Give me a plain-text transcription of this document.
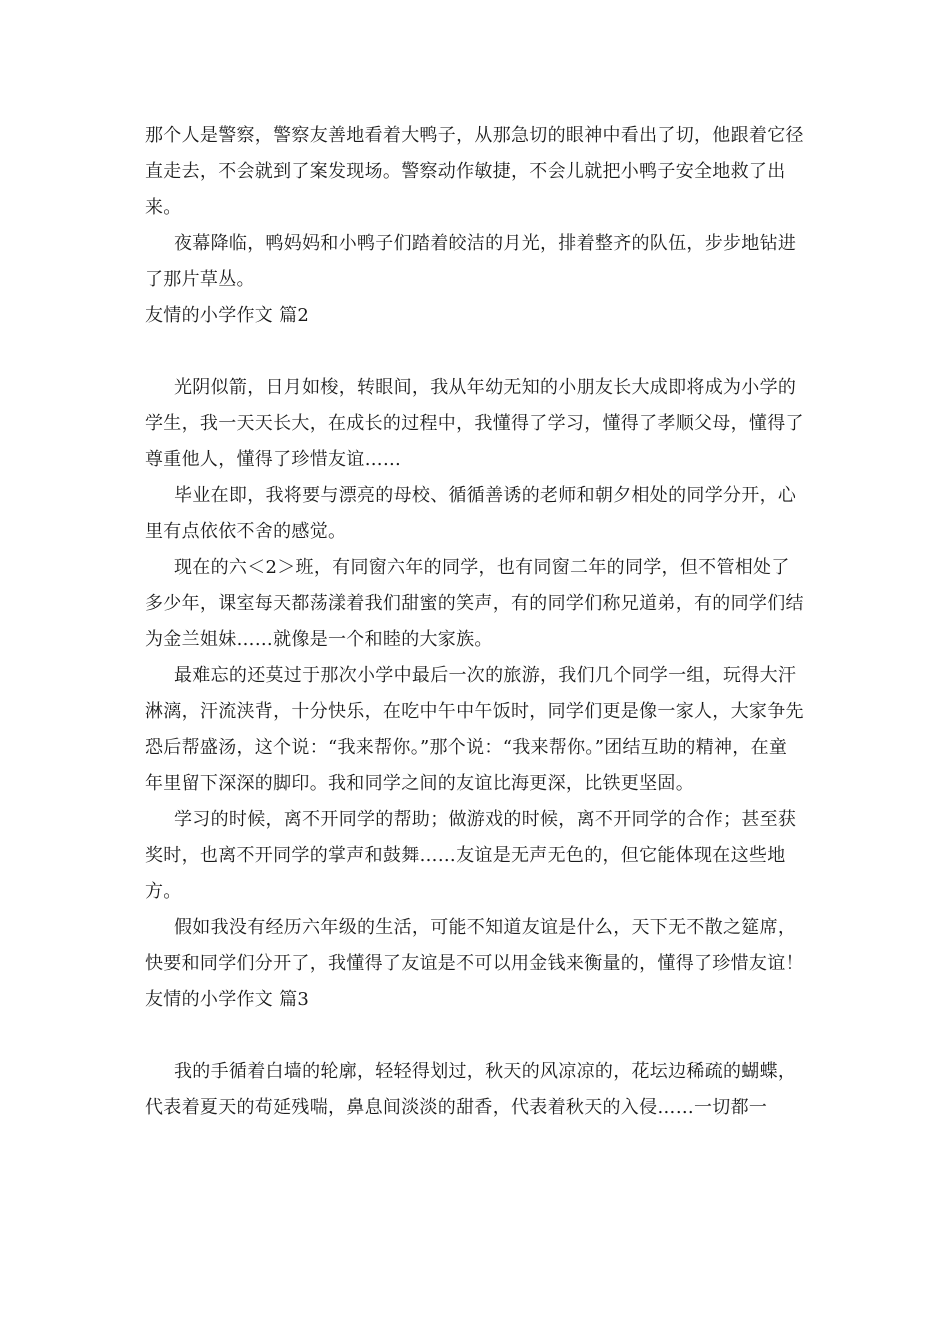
那个人是警察，警察友善地看着大鸭子，从那急切的眼神中看出了切，他跟着它径直走去，不会就到了案发现场。警察动作敏捷，不会儿就把小鸭子安全地救了出来。

夜幕降临，鸭妈妈和小鸭子们踏着皎洁的月光，排着整齐的队伍，步步地钻进了那片草丛。

友情的小学作文 篇2

光阴似箭，日月如梭，转眼间，我从年幼无知的小朋友长大成即将成为小学的学生，我一天天长大，在成长的过程中，我懂得了学习，懂得了孝顺父母，懂得了尊重他人，懂得了珍惜友谊……

毕业在即，我将要与漂亮的母校、循循善诱的老师和朝夕相处的同学分开，心里有点依依不舍的感觉。

现在的六＜2＞班，有同窗六年的同学，也有同窗二年的同学，但不管相处了多少年，课室每天都荡漾着我们甜蜜的笑声，有的同学们称兄道弟，有的同学们结为金兰姐妹……就像是一个和睦的大家族。

最难忘的还莫过于那次小学中最后一次的旅游，我们几个同学一组，玩得大汗淋漓，汗流浃背，十分快乐，在吃中午中午饭时，同学们更是像一家人，大家争先恐后帮盛汤，这个说：“我来帮你。”那个说：“我来帮你。”团结互助的精神，在童年里留下深深的脚印。我和同学之间的友谊比海更深，比铁更坚固。

学习的时候，离不开同学的帮助；做游戏的时候，离不开同学的合作；甚至获奖时，也离不开同学的掌声和鼓舞……友谊是无声无色的，但它能体现在这些地方。

假如我没有经历六年级的生活，可能不知道友谊是什么，天下无不散之筵席，快要和同学们分开了，我懂得了友谊是不可以用金钱来衡量的，懂得了珍惜友谊！

友情的小学作文 篇3

我的手循着白墙的轮廓，轻轻得划过，秋天的风凉凉的，花坛边稀疏的蝴蝶，代表着夏天的苟延残喘，鼻息间淡淡的甜香，代表着秋天的入侵……一切都一
